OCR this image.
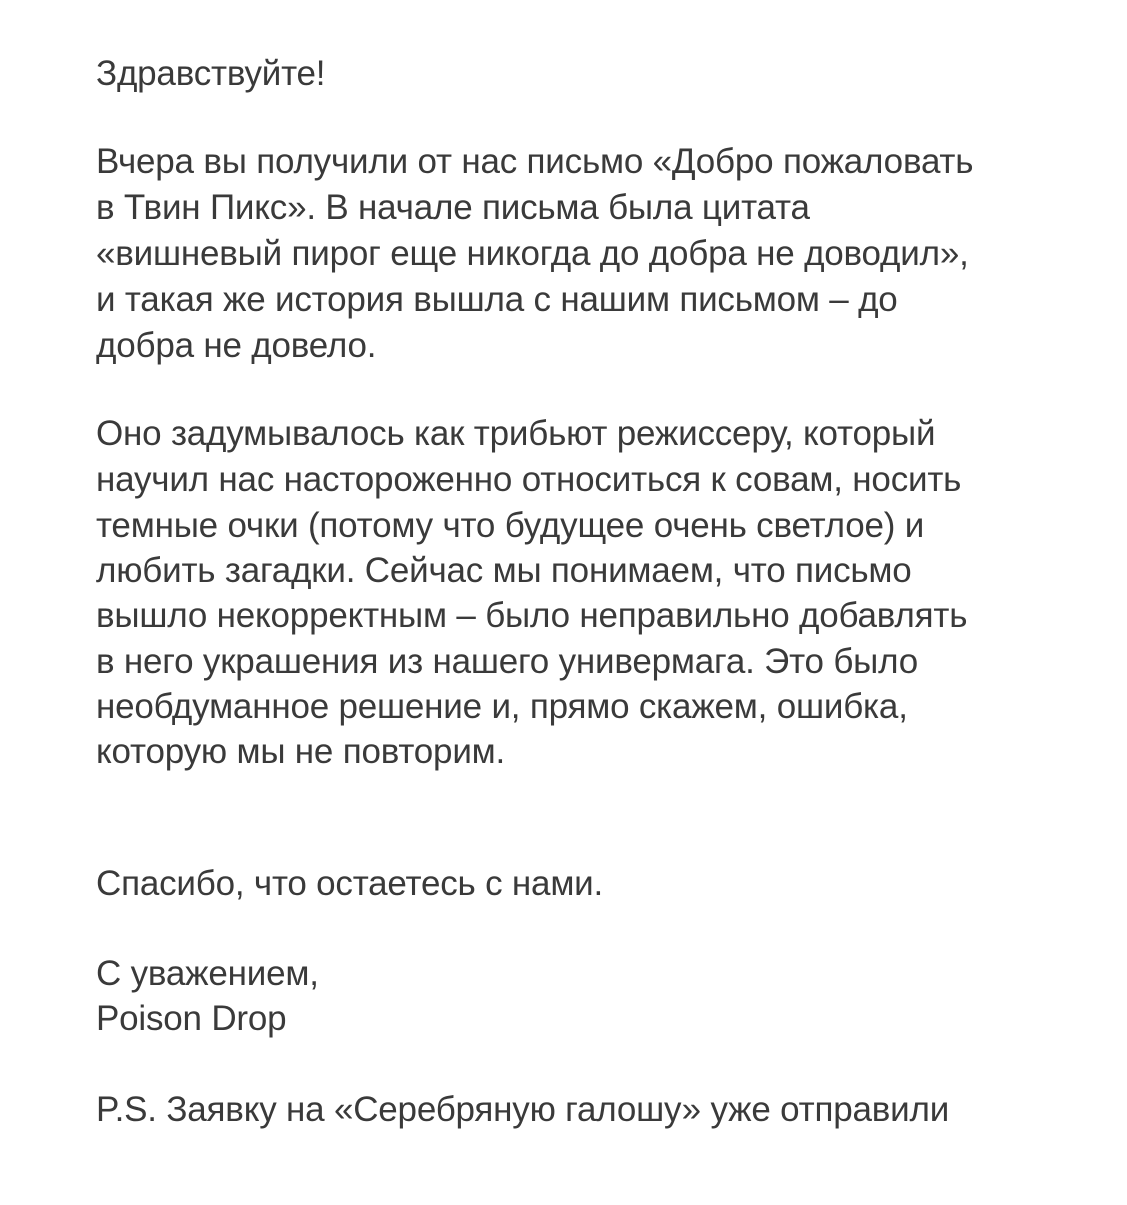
Здравствуйте!
Вчера вы получили от нас письмо «Добро пожаловать
в Твин Пикс». В начале письма была цитата
«вишневый пирог еще никогда до добра не доводил»,
и такая же история вышла с нашим письмом – до
добра не довело.
Оно задумывалось как трибьют режиссеру, который
научил нас настороженно относиться к совам, носить
темные очки (потому что будущее очень светлое) и
любить загадки. Сейчас мы понимаем, что письмо
вышло некорректным – было неправильно добавлять
в него украшения из нашего универмага. Это было
необдуманное решение и, прямо скажем, ошибка,
которую мы не повторим.
Спасибо, что остаетесь с нами.
С уважением,
Poison Drop
P.S. Заявку на «Серебряную галошу» уже отправили
